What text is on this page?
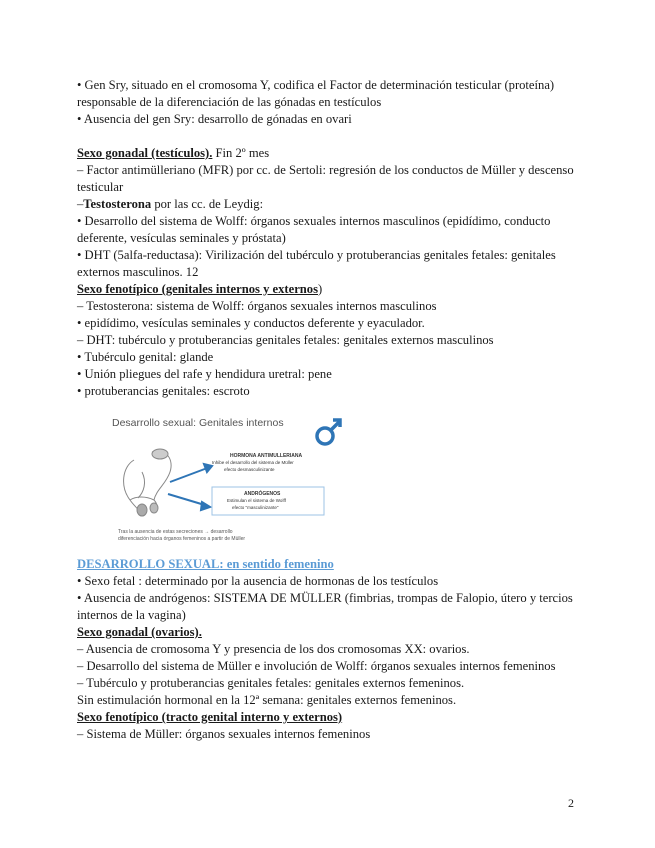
• Gen Sry, situado en el cromosoma Y, codifica el Factor de determinación testicular (proteína) responsable de la diferenciación de las gónadas en testículos

• Ausencia del gen Sry: desarrollo de gónadas en ovari

Sexo gonadal (testículos). Fin 2º mes

– Factor antimülleriano (MFR) por cc. de Sertoli: regresión de los conductos de Müller y descenso testicular

–Testosterona por las cc. de Leydig:

• Desarrollo del sistema de Wolff: órganos sexuales internos masculinos (epidídimo, conducto deferente, vesículas seminales y próstata)

• DHT (5alfa-reductasa): Virilización del tubérculo y protuberancias genitales fetales: genitales externos masculinos. 12

Sexo fenotípico (genitales internos y externos)

– Testosterona: sistema de Wolff: órganos sexuales internos masculinos

• epidídimo, vesículas seminales y conductos deferente y eyaculador.

– DHT: tubérculo y protuberancias genitales fetales: genitales externos masculinos

• Tubérculo genital: glande

• Unión pliegues del rafe y hendidura uretral: pene

• protuberancias genitales: escroto

Desarrollo sexual: Genitales internos
HORMONA ANTIMULLERIANA
Inhibe el desarrollo del sistema de Müller
efecto desmasculinizante
ANDRÓGENOS
Estimulan el sistema de Wolff
efecto "masculinizante"
Tras la ausencia de estas secreciones → desarrollo
diferenciación hacia órganos femeninos a partir de Müller

DESARROLLO SEXUAL: en sentido femenino

• Sexo fetal : determinado por la ausencia de hormonas de los testículos

• Ausencia de andrógenos: SISTEMA DE MÜLLER (fimbrias, trompas de Falopio, útero y tercios internos de la vagina)

Sexo gonadal (ovarios).

– Ausencia de cromosoma Y y presencia de los dos cromosomas XX: ovarios.

– Desarrollo del sistema de Müller e involución de Wolff: órganos sexuales internos femeninos

– Tubérculo y protuberancias genitales fetales: genitales externos femeninos.

Sin estimulación hormonal en la 12ª semana: genitales externos femeninos.

Sexo fenotípico (tracto genital interno y externos)

– Sistema de Müller: órganos sexuales internos femeninos

2
